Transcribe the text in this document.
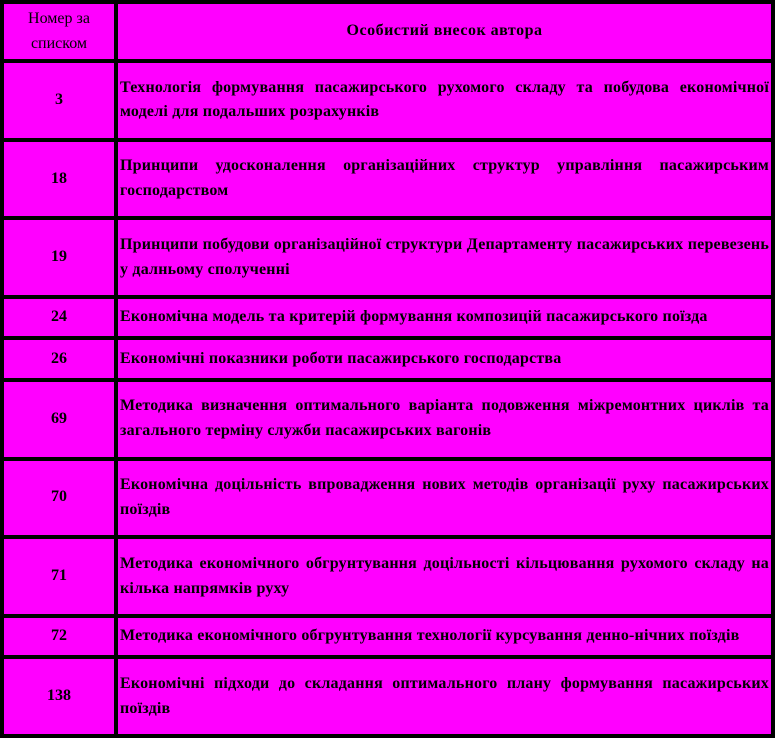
Номер за списком	Особистий внесок автора
3	Технологія формування пасажирського рухомого складу та побудова економічної моделі для подальших розрахунків
18	Принципи удосконалення організаційних структур управління пасажирським господарством
19	Принципи побудови організаційної структури Департаменту пасажирських перевезень у далньому сполученні
24	Економічна модель та критерій формування композицій пасажирського поїзда
26	Економічні показники роботи пасажирського господарства
69	Методика визначення оптимального варіанта подовження міжремонтних циклів та загального терміну служби пасажирських вагонів
70	Економічна доцільність впровадження нових методів організації руху пасажирських поїздів
71	Методика економічного обгрунтування доцільності кільцювання рухомого складу на кілька напрямків руху
72	Методика економічного обгрунтування технології курсування денно-нічних поїздів
138	Економічні підходи до складання оптимального плану формування пасажирських поїздів
